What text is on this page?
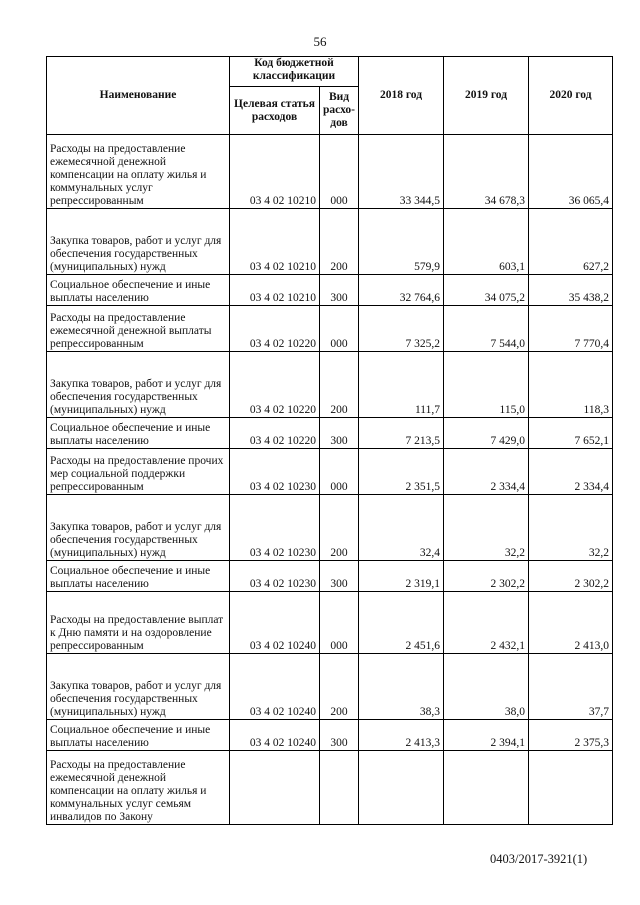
56
Наименование	Код бюджетной классификации		2018 год	2019 год	2020 год
	Целевая статья расходов	Вид расхо-дов			
Расходы на предоставление ежемесячной денежной компенсации на оплату жилья и коммунальных услуг репрессированным	03 4 02 10210	000	33 344,5	34 678,3	36 065,4
Закупка товаров, работ и услуг для обеспечения государственных (муниципальных) нужд	03 4 02 10210	200	579,9	603,1	627,2
Социальное обеспечение и иные выплаты населению	03 4 02 10210	300	32 764,6	34 075,2	35 438,2
Расходы на предоставление ежемесячной денежной выплаты репрессированным	03 4 02 10220	000	7 325,2	7 544,0	7 770,4
Закупка товаров, работ и услуг для обеспечения государственных (муниципальных) нужд	03 4 02 10220	200	111,7	115,0	118,3
Социальное обеспечение и иные выплаты населению	03 4 02 10220	300	7 213,5	7 429,0	7 652,1
Расходы на предоставление прочих мер социальной поддержки репрессированным	03 4 02 10230	000	2 351,5	2 334,4	2 334,4
Закупка товаров, работ и услуг для обеспечения государственных (муниципальных) нужд	03 4 02 10230	200	32,4	32,2	32,2
Социальное обеспечение и иные выплаты населению	03 4 02 10230	300	2 319,1	2 302,2	2 302,2
Расходы на предоставление выплат к Дню памяти и на оздоровление репрессированным	03 4 02 10240	000	2 451,6	2 432,1	2 413,0
Закупка товаров, работ и услуг для обеспечения государственных (муниципальных) нужд	03 4 02 10240	200	38,3	38,0	37,7
Социальное обеспечение и иные выплаты населению	03 4 02 10240	300	2 413,3	2 394,1	2 375,3
Расходы на предоставление ежемесячной денежной компенсации на оплату жилья и коммунальных услуг семьям инвалидов по Закону					
0403/2017-3921(1)
